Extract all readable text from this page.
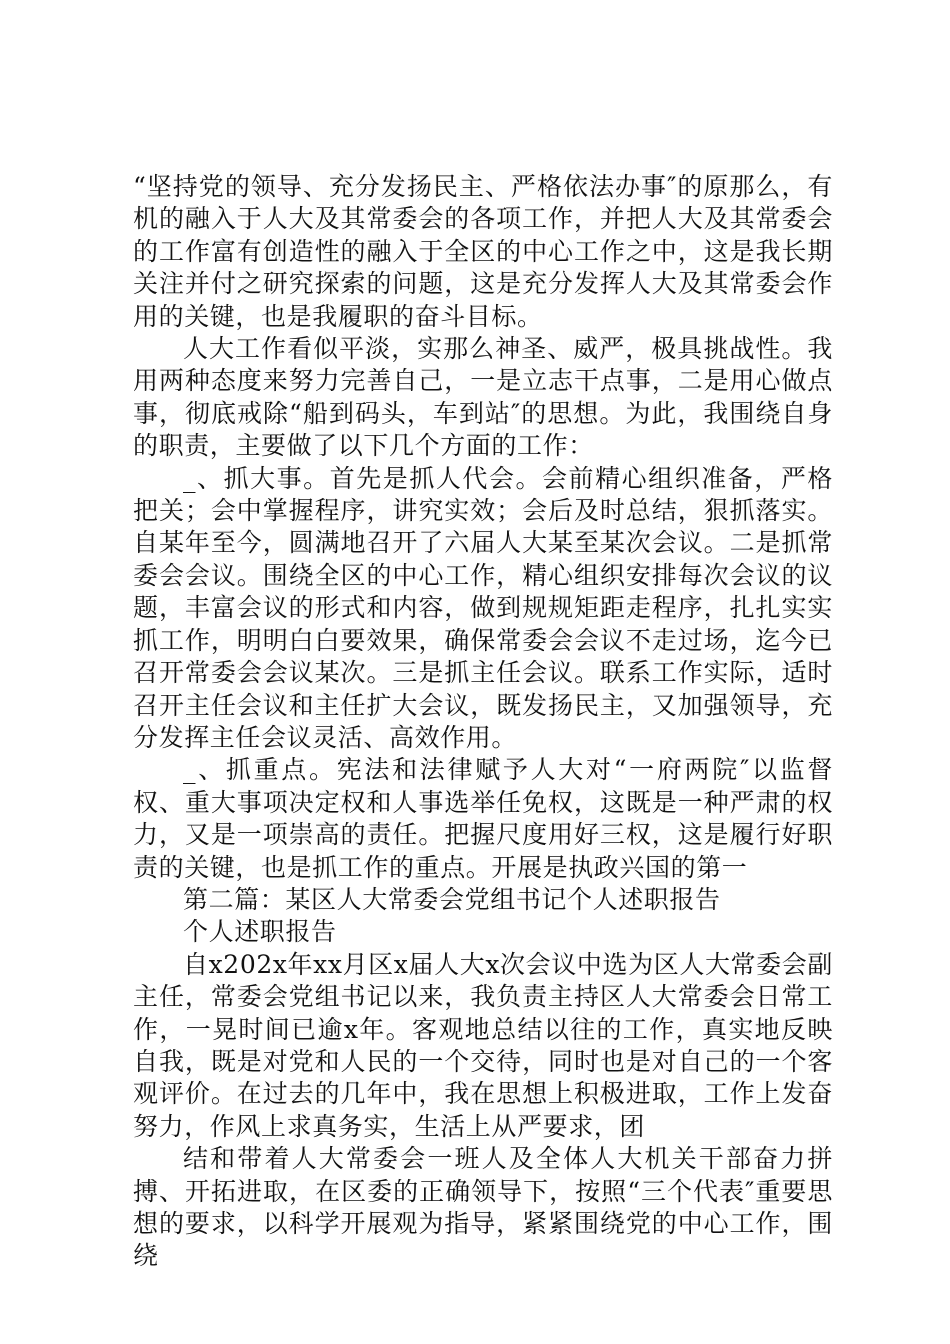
“坚持党的领导、充分发扬民主、严格依法办事″的原那么，有机的融入于人大及其常委会的各项工作，并把人大及其常委会的工作富有创造性的融入于全区的中心工作之中，这是我长期关注并付之研究探索的问题，这是充分发挥人大及其常委会作用的关键，也是我履职的奋斗目标。

人大工作看似平淡，实那么神圣、威严，极具挑战性。我用两种态度来努力完善自己，一是立志干点事，二是用心做点事，彻底戒除“船到码头，车到站″的思想。为此，我围绕自身的职责，主要做了以下几个方面的工作：

_、抓大事。首先是抓人代会。会前精心组织准备，严格把关；会中掌握程序，讲究实效；会后及时总结，狠抓落实。自某年至今，圆满地召开了六届人大某至某次会议。二是抓常委会会议。围绕全区的中心工作，精心组织安排每次会议的议题，丰富会议的形式和内容，做到规规矩距走程序，扎扎实实抓工作，明明白白要效果，确保常委会会议不走过场，迄今已召开常委会会议某次。三是抓主任会议。联系工作实际，适时召开主任会议和主任扩大会议，既发扬民主，又加强领导，充分发挥主任会议灵活、高效作用。

_、抓重点。宪法和法律赋予人大对“一府两院″以监督权、重大事项决定权和人事选举任免权，这既是一种严肃的权力，又是一项崇高的责任。把握尺度用好三权，这是履行好职责的关键，也是抓工作的重点。开展是执政兴国的第一

第二篇：某区人大常委会党组书记个人述职报告

个人述职报告

自x202x年xx月区x届人大x次会议中选为区人大常委会副主任，常委会党组书记以来，我负责主持区人大常委会日常工作，一晃时间已逾x年。客观地总结以往的工作，真实地反映自我，既是对党和人民的一个交待，同时也是对自己的一个客观评价。在过去的几年中，我在思想上积极进取，工作上发奋努力，作风上求真务实，生活上从严要求，团

结和带着人大常委会一班人及全体人大机关干部奋力拼搏、开拓进取，在区委的正确领导下，按照“三个代表″重要思想的要求，以科学开展观为指导，紧紧围绕党的中心工作，围绕
